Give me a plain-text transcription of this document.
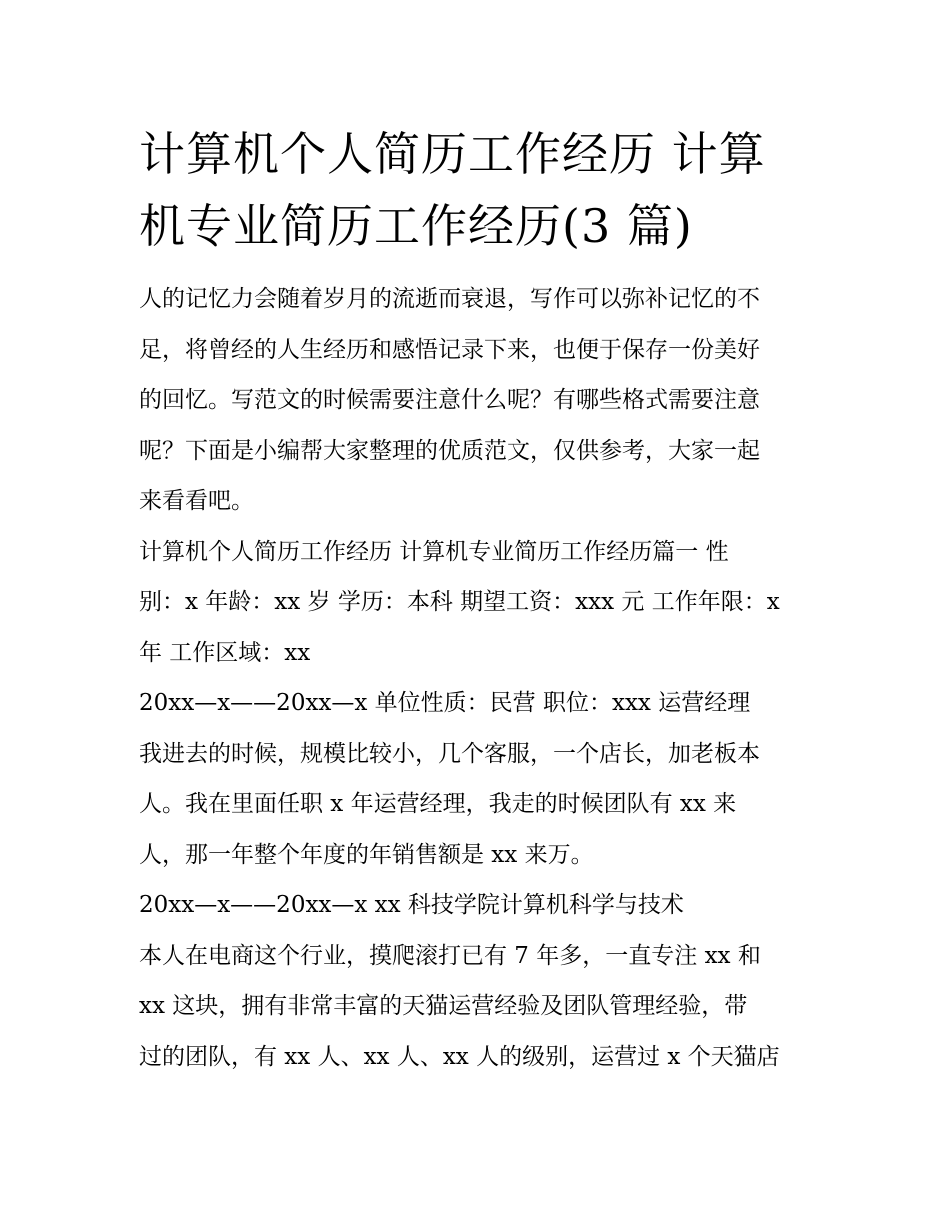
计算机个人简历工作经历 计算
机专业简历工作经历(3 篇)
人的记忆力会随着岁月的流逝而衰退，写作可以弥补记忆的不
足，将曾经的人生经历和感悟记录下来，也便于保存一份美好
的回忆。写范文的时候需要注意什么呢？有哪些格式需要注意
呢？下面是小编帮大家整理的优质范文，仅供参考，大家一起
来看看吧。
计算机个人简历工作经历 计算机专业简历工作经历篇一 性
别：x 年龄：xx 岁 学历：本科 期望工资：xxx 元 工作年限：x
年 工作区域：xx
20xx—x——20xx—x 单位性质：民营 职位：xxx 运营经理
我进去的时候，规模比较小，几个客服，一个店长，加老板本
人。我在里面任职 x 年运营经理，我走的时候团队有 xx 来
人，那一年整个年度的年销售额是 xx 来万。
20xx—x——20xx—x xx 科技学院计算机科学与技术
本人在电商这个行业，摸爬滚打已有 7 年多，一直专注 xx 和
xx 这块，拥有非常丰富的天猫运营经验及团队管理经验，带
过的团队，有 xx 人、xx 人、xx 人的级别，运营过 x 个天猫店
